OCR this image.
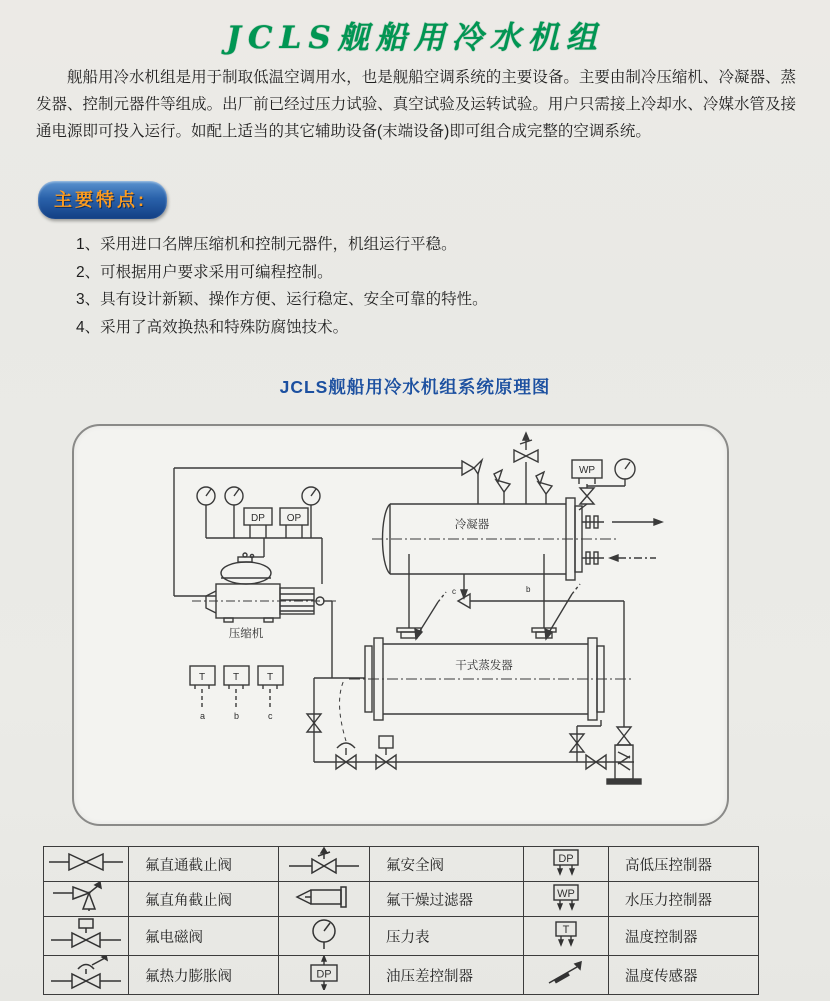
JCLS舰船用冷水机组
舰船用冷水机组是用于制取低温空调用水，也是舰船空调系统的主要设备。主要由制冷压缩机、冷凝器、蒸发器、控制元器件等组成。出厂前已经过压力试验、真空试验及运转试验。用户只需接上冷却水、冷媒水管及接通电源即可投入运行。如配上适当的其它辅助设备(末端设备)即可组合成完整的空调系统。
主要特点:
1、采用进口名牌压缩机和控制元器件，机组运行平稳。
2、可根据用户要求采用可编程控制。
3、具有设计新颖、操作方便、运行稳定、安全可靠的特性。
4、采用了高效换热和特殊防腐蚀技术。
JCLS舰船用冷水机组系统原理图
DP OP
压缩机
冷凝器
WP
干式蒸发器
c	b
T
a
T
b
T
c
	氟直通截止阀		氟安全阀	DP	高低压控制器
	氟直角截止阀		氟干燥过滤器	WP	水压力控制器
	氟电磁阀		压力表	T	温度控制器
	氟热力膨胀阀	DP	油压差控制器		温度传感器
